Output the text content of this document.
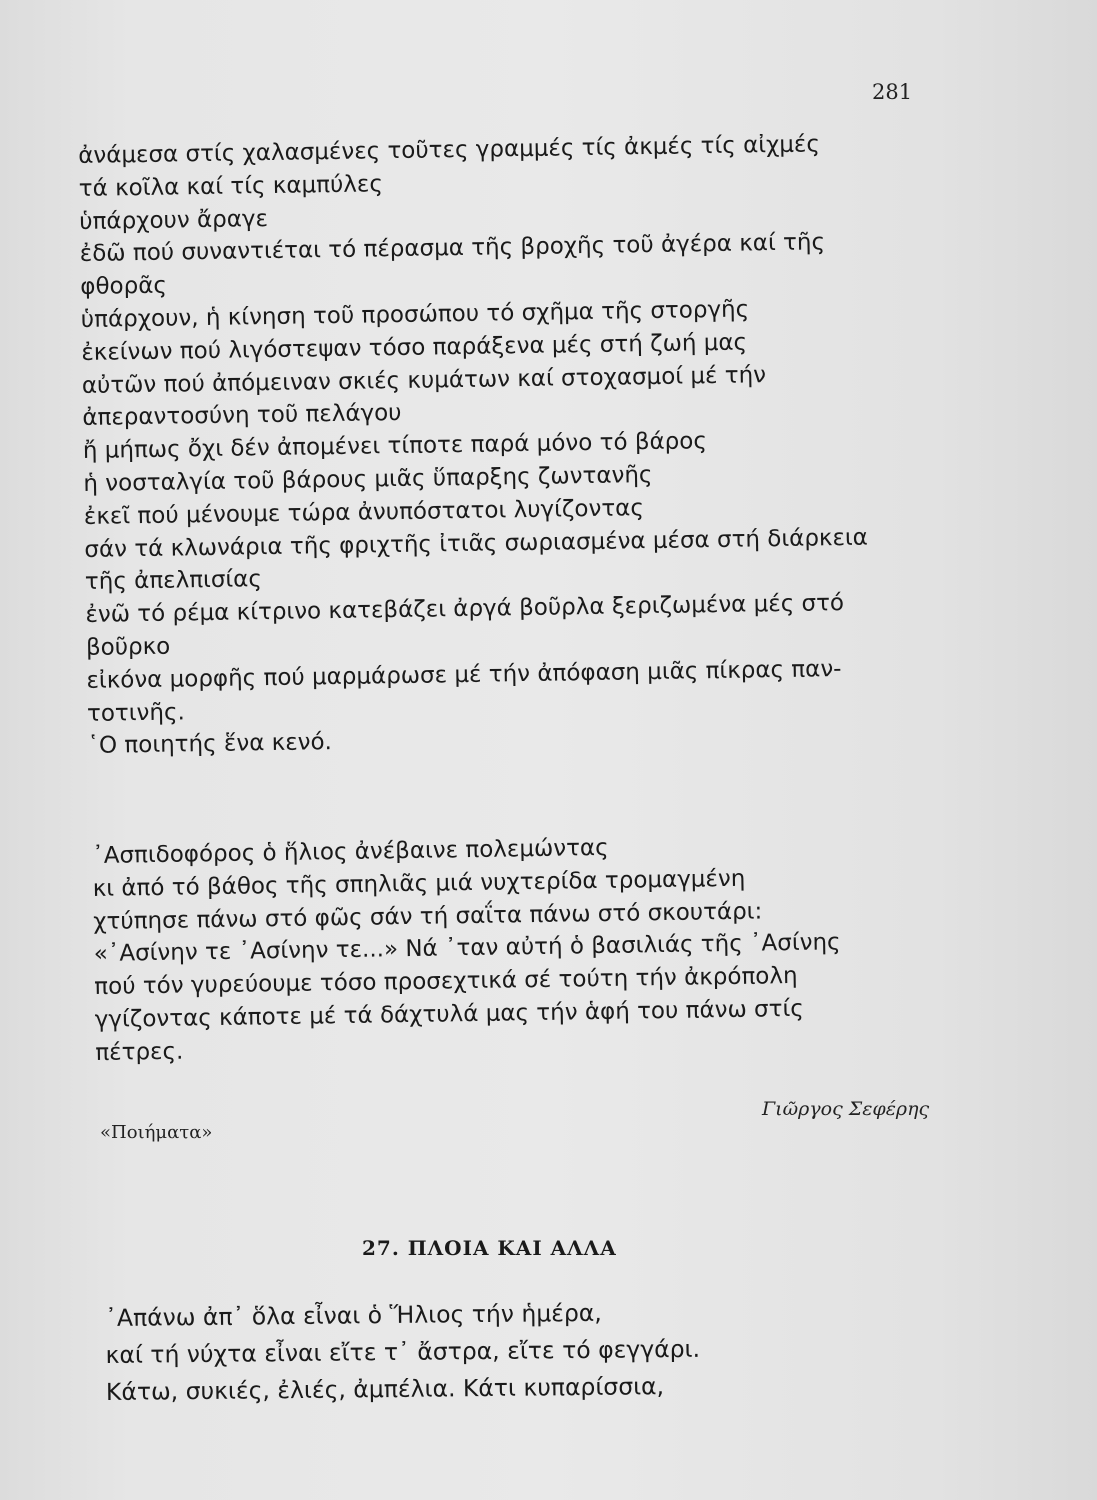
281
ἀνάμεσα στίς χαλασμένες τοῦτες γραμμές τίς ἀκμές τίς αἰχμές
τά κοῖλα καί τίς καμπύλες
ὑπάρχουν ἄραγε
ἐδῶ πού συναντιέται τό πέρασμα τῆς βροχῆς τοῦ ἀγέρα καί τῆς
φθορᾶς
ὑπάρχουν, ἡ κίνηση τοῦ προσώπου τό σχῆμα τῆς στοργῆς
ἐκείνων πού λιγόστεψαν τόσο παράξενα μές στή ζωή μας
αὐτῶν πού ἀπόμειναν σκιές κυμάτων καί στοχασμοί μέ τήν
ἀπεραντοσύνη τοῦ πελάγου
ἤ μήπως ὄχι δέν ἀπομένει τίποτε παρά μόνο τό βάρος
ἡ νοσταλγία τοῦ βάρους μιᾶς ὕπαρξης ζωντανῆς
ἐκεῖ πού μένουμε τώρα ἀνυπόστατοι λυγίζοντας
σάν τά κλωνάρια τῆς φριχτῆς ἰτιᾶς σωριασμένα μέσα στή διάρκεια
τῆς ἀπελπισίας
ἐνῶ τό ρέμα κίτρινο κατεβάζει ἀργά βοῦρλα ξεριζωμένα μές στό
βοῦρκο
εἰκόνα μορφῆς πού μαρμάρωσε μέ τήν ἀπόφαση μιᾶς πίκρας παν-
τοτινῆς.
῾Ο ποιητής ἕνα κενό.
᾿Ασπιδοφόρος ὁ ἥλιος ἀνέβαινε πολεμώντας
κι ἀπό τό βάθος τῆς σπηλιᾶς μιά νυχτερίδα τρομαγμένη
χτύπησε πάνω στό φῶς σάν τή σαΐτα πάνω στό σκουτάρι:
«᾿Ασίνην τε ᾿Ασίνην τε...» Νά ᾿ταν αὐτή ὁ βασιλιάς τῆς ᾿Ασίνης
πού τόν γυρεύουμε τόσο προσεχτικά σέ τούτη τήν ἀκρόπολη
γγίζοντας κάποτε μέ τά δάχτυλά μας τήν ἁφή του πάνω στίς
πέτρες.
Γιῶργος Σεφέρης
«Ποιήματα»
27. ΠΛΟΙΑ ΚΑΙ ΑΛΛΑ
᾿Απάνω ἀπ᾿ ὅλα εἶναι ὁ Ἥλιος τήν ἡμέρα,
καί τή νύχτα εἶναι εἴτε τ᾿ ἄστρα, εἴτε τό φεγγάρι.
Κάτω, συκιές, ἐλιές, ἀμπέλια. Κάτι κυπαρίσσια,
